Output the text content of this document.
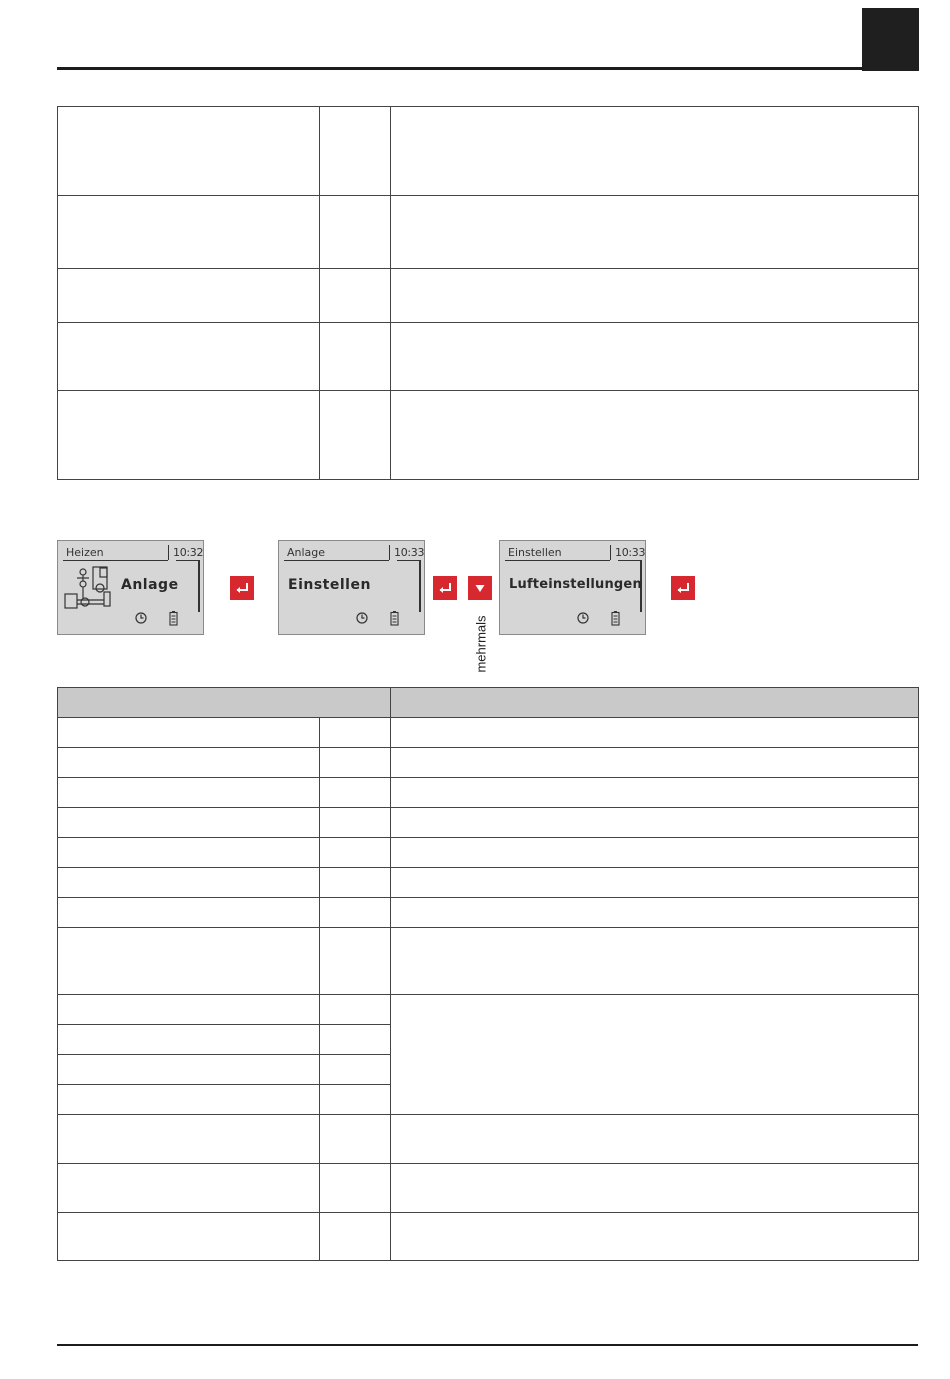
Heizen	10:32
Anlage
Anlage	10:33
Einstellen
Einstellen	10:33
Lufteinstellungen
mehrmals
